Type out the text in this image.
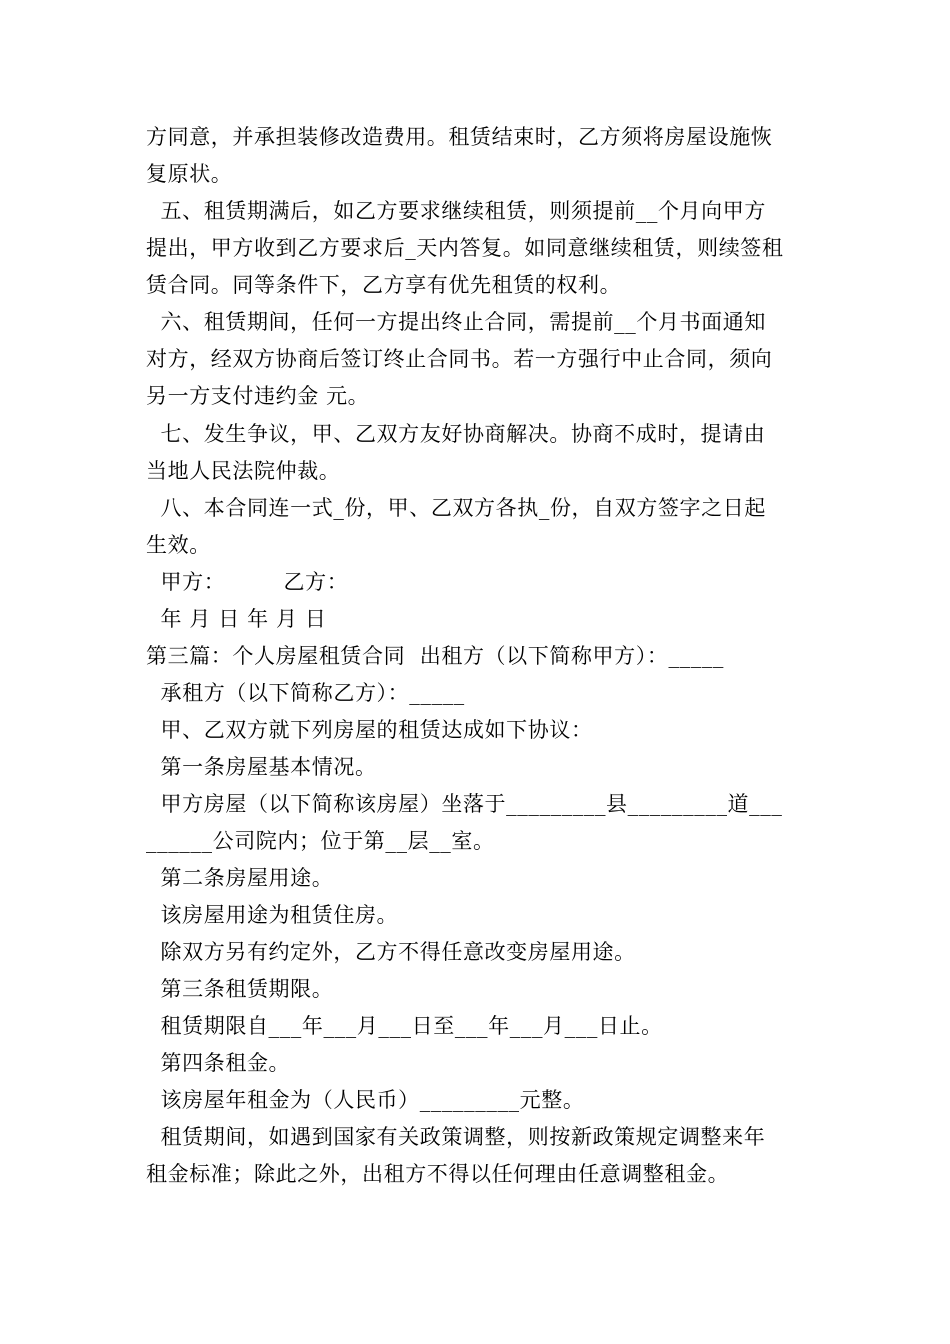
方同意，并承担装修改造费用。租赁结束时，乙方须将房屋设施恢
复原状。
五、租赁期满后，如乙方要求继续租赁，则须提前__个月向甲方
提出，甲方收到乙方要求后_天内答复。如同意继续租赁，则续签租
赁合同。同等条件下，乙方享有优先租赁的权利。
六、租赁期间，任何一方提出终止合同，需提前__个月书面通知
对方，经双方协商后签订终止合同书。若一方强行中止合同，须向
另一方支付违约金 元。
七、发生争议，甲、乙双方友好协商解决。协商不成时，提请由
当地人民法院仲裁。
八、本合同连一式_份，甲、乙双方各执_份，自双方签字之日起
生效。
甲方：        乙方：
年 月 日 年 月 日
第三篇：个人房屋租赁合同  出租方（以下简称甲方）：_____
承租方（以下简称乙方）：_____
甲、乙双方就下列房屋的租赁达成如下协议：
第一条房屋基本情况。
甲方房屋（以下简称该房屋）坐落于_________县_________道___
______公司院内；位于第__层__室。
第二条房屋用途。
该房屋用途为租赁住房。
除双方另有约定外，乙方不得任意改变房屋用途。
第三条租赁期限。
租赁期限自___年___月___日至___年___月___日止。
第四条租金。
该房屋年租金为（人民币）_________元整。
租赁期间，如遇到国家有关政策调整，则按新政策规定调整来年
租金标准；除此之外，出租方不得以任何理由任意调整租金。
